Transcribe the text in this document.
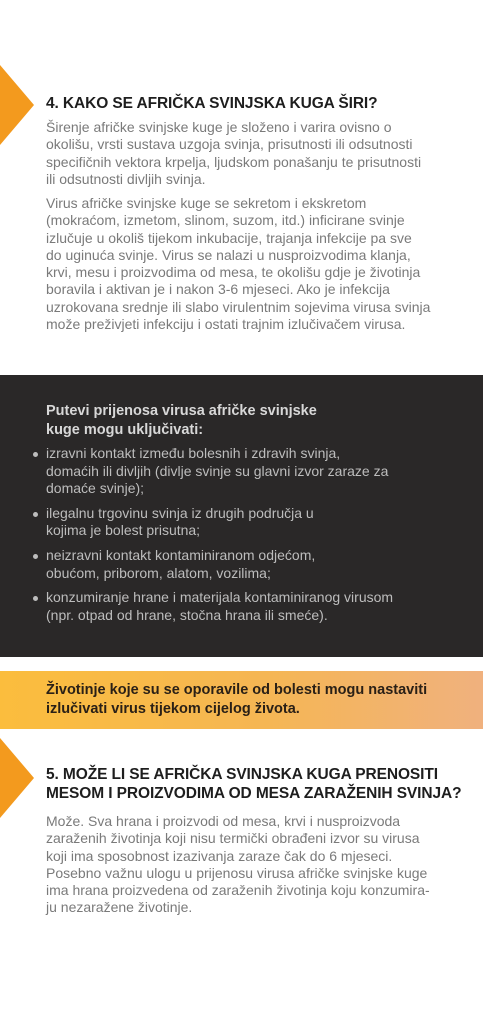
4. KAKO SE AFRIČKA SVINJSKA KUGA ŠIRI?

Širenje afričke svinjske kuge je složeno i varira ovisno o
okolišu, vrsti sustava uzgoja svinja, prisutnosti ili odsutnosti
specifičnih vektora krpelja, ljudskom ponašanju te prisutnosti
ili odsutnosti divljih svinja.

Virus afričke svinjske kuge se sekretom i ekskretom
(mokraćom, izmetom, slinom, suzom, itd.) inficirane svinje
izlučuje u okoliš tijekom inkubacije, trajanja infekcije pa sve
do uginuća svinje. Virus se nalazi u nusproizvodima klanja,
krvi, mesu i proizvodima od mesa, te okolišu gdje je životinja
boravila i aktivan je i nakon 3-6 mjeseci. Ako je infekcija
uzrokovana srednje ili slabo virulentnim sojevima virusa svinja
može preživjeti infekciju i ostati trajnim izlučivačem virusa.

Putevi prijenosa virusa afričke svinjske
kuge mogu uključivati:
izravni kontakt između bolesnih i zdravih svinja,
domaćih ili divljih (divlje svinje su glavni izvor zaraze za
domaće svinje);
ilegalnu trgovinu svinja iz drugih područja u
kojima je bolest prisutna;
neizravni kontakt kontaminiranom odjećom,
obućom, priborom, alatom, vozilima;
konzumiranje hrane i materijala kontaminiranog virusom
(npr. otpad od hrane, stočna hrana ili smeće).
Životinje koje su se oporavile od bolesti mogu nastaviti
izlučivati virus tijekom cijelog života.
5. MOŽE LI SE AFRIČKA SVINJSKA KUGA PRENOSITI
MESOM I PROIZVODIMA OD MESA ZARAŽENIH SVINJA?

Može. Sva hrana i proizvodi od mesa, krvi i nusproizvoda
zaraženih životinja koji nisu termički obrađeni izvor su virusa
koji ima sposobnost izazivanja zaraze čak do 6 mjeseci.
Posebno važnu ulogu u prijenosu virusa afričke svinjske kuge
ima hrana proizvedena od zaraženih životinja koju konzumira-
ju nezaražene životinje.
